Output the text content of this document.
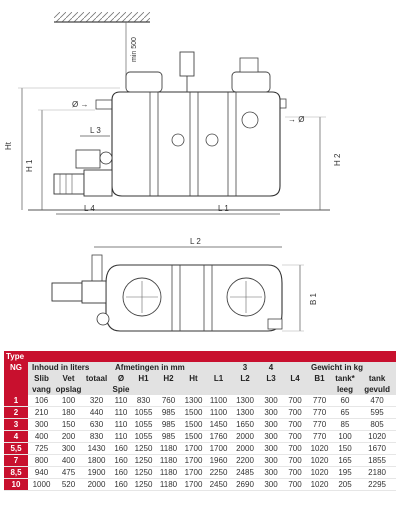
min 500
Ht
H 1	H 2
Ø →
→ Ø
L 3
L 4	L 1
L 2
B 1
Type														
NG	Inhoud in liters			Afmetingen in mm					3	4		Gewicht in kg		
	Slib	Vet	totaal	Ø	H1	H2	Ht	L1	L2	L3	L4	B1	tank*	tank
	vang	opslag		Spie									leeg	gevuld
1	106	100	320	110	830	760	1300	1100	1300	300	700	770	60	470
2	210	180	440	110	1055	985	1500	1100	1300	300	700	770	65	595
3	300	150	630	110	1055	985	1500	1450	1650	300	700	770	85	805
4	400	200	830	110	1055	985	1500	1760	2000	300	700	770	100	1020
5,5	725	300	1430	160	1250	1180	1700	1700	2000	300	700	1020	150	1670
7	800	400	1800	160	1250	1180	1700	1960	2200	300	700	1020	165	1855
8,5	940	475	1900	160	1250	1180	1700	2250	2485	300	700	1020	195	2180
10	1000	520	2000	160	1250	1180	1700	2450	2690	300	700	1020	205	2295
